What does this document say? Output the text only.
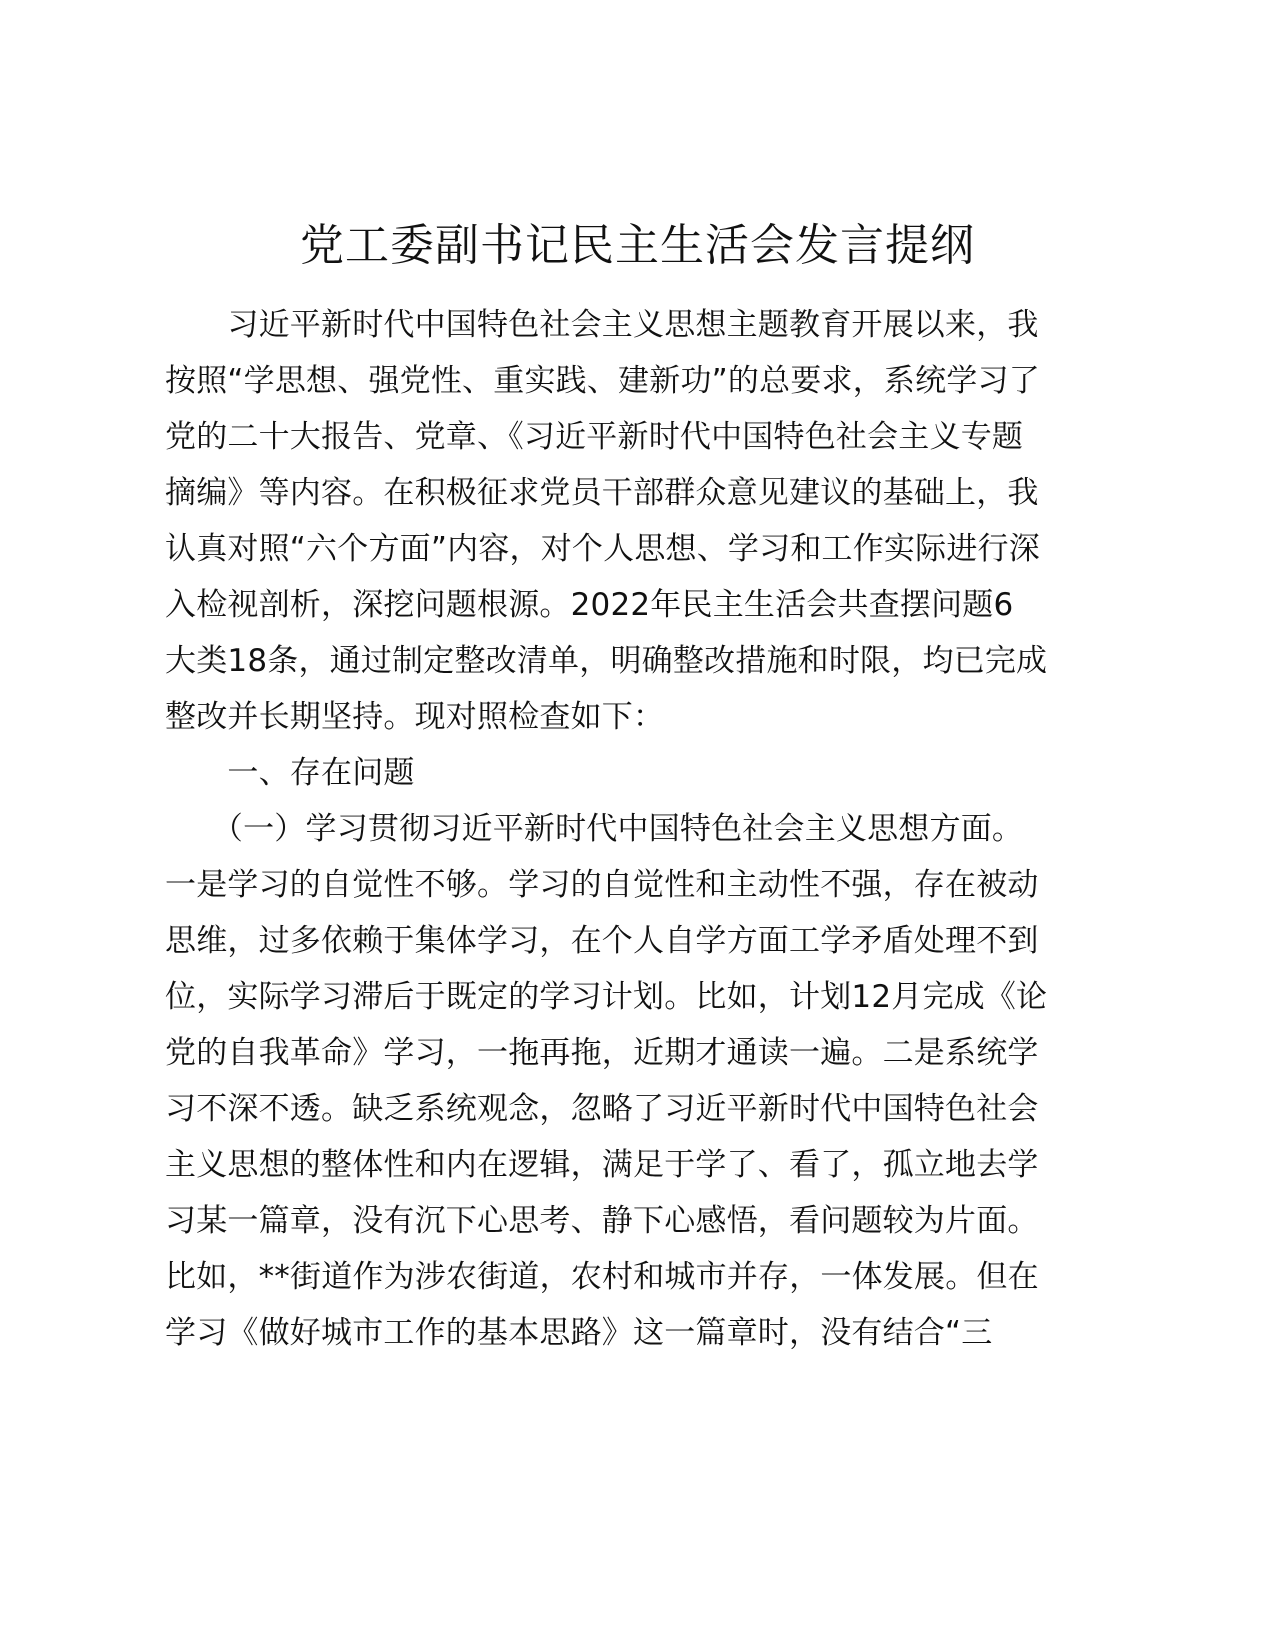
党工委副书记民主生活会发言提纲
　　习近平新时代中国特色社会主义思想主题教育开展以来，我
按照“学思想、强党性、重实践、建新功”的总要求，系统学习了
党的二十大报告、党章、《习近平新时代中国特色社会主义专题
摘编》等内容。在积极征求党员干部群众意见建议的基础上，我
认真对照“六个方面”内容，对个人思想、学习和工作实际进行深
入检视剖析，深挖问题根源。2022年民主生活会共查摆问题6
大类18条，通过制定整改清单，明确整改措施和时限，均已完成
整改并长期坚持。现对照检查如下：
　　一、存在问题
　　（一）学习贯彻习近平新时代中国特色社会主义思想方面。
一是学习的自觉性不够。学习的自觉性和主动性不强，存在被动
思维，过多依赖于集体学习，在个人自学方面工学矛盾处理不到
位，实际学习滞后于既定的学习计划。比如，计划12月完成《论
党的自我革命》学习，一拖再拖，近期才通读一遍。二是系统学
习不深不透。缺乏系统观念，忽略了习近平新时代中国特色社会
主义思想的整体性和内在逻辑，满足于学了、看了，孤立地去学
习某一篇章，没有沉下心思考、静下心感悟，看问题较为片面。
比如，**街道作为涉农街道，农村和城市并存，一体发展。但在
学习《做好城市工作的基本思路》这一篇章时，没有结合“三
